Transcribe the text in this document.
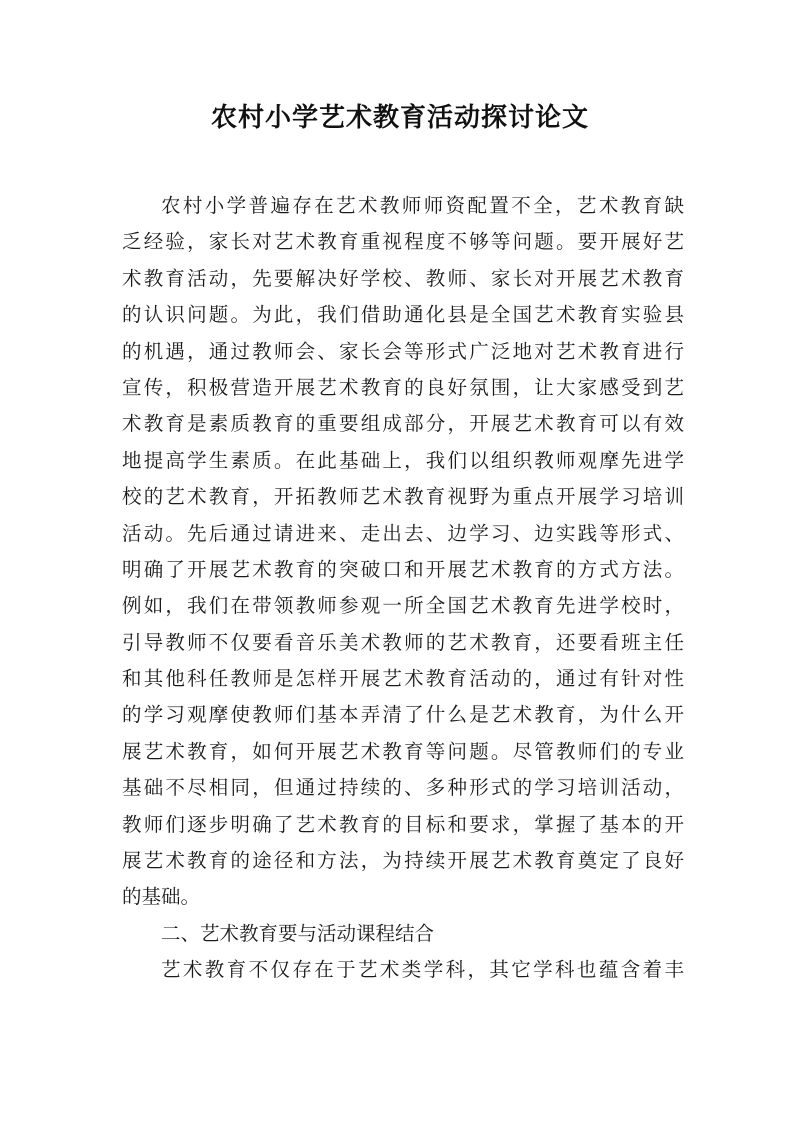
农村小学艺术教育活动探讨论文
农村小学普遍存在艺术教师师资配置不全，艺术教育缺
乏经验，家长对艺术教育重视程度不够等问题。要开展好艺
术教育活动，先要解决好学校、教师、家长对开展艺术教育
的认识问题。为此，我们借助通化县是全国艺术教育实验县
的机遇，通过教师会、家长会等形式广泛地对艺术教育进行
宣传，积极营造开展艺术教育的良好氛围，让大家感受到艺
术教育是素质教育的重要组成部分，开展艺术教育可以有效
地提高学生素质。在此基础上，我们以组织教师观摩先进学
校的艺术教育，开拓教师艺术教育视野为重点开展学习培训
活动。先后通过请进来、走出去、边学习、边实践等形式、
明确了开展艺术教育的突破口和开展艺术教育的方式方法。
例如，我们在带领教师参观一所全国艺术教育先进学校时，
引导教师不仅要看音乐美术教师的艺术教育，还要看班主任
和其他科任教师是怎样开展艺术教育活动的，通过有针对性
的学习观摩使教师们基本弄清了什么是艺术教育，为什么开
展艺术教育，如何开展艺术教育等问题。尽管教师们的专业
基础不尽相同，但通过持续的、多种形式的学习培训活动，
教师们逐步明确了艺术教育的目标和要求，掌握了基本的开
展艺术教育的途径和方法，为持续开展艺术教育奠定了良好
的基础。
二、艺术教育要与活动课程结合
艺术教育不仅存在于艺术类学科，其它学科也蕴含着丰
